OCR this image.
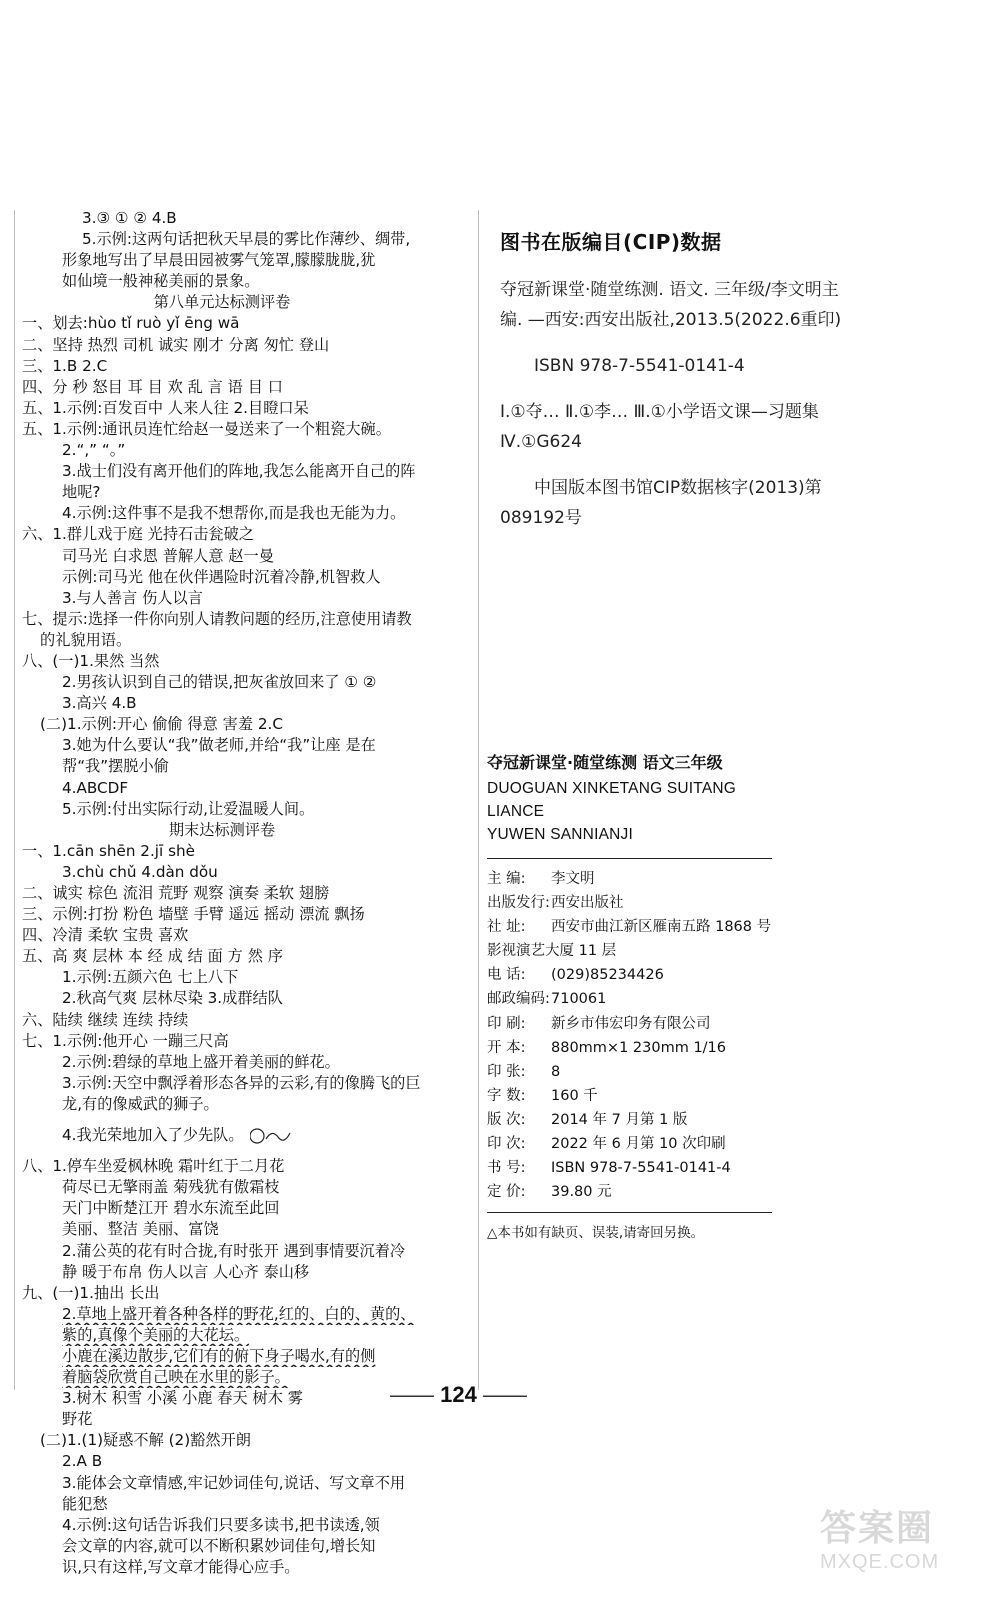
3.③ ① ② 4.B
5.示例:这两句话把秋天早晨的雾比作薄纱、绸带,
形象地写出了早晨田园被雾气笼罩,朦朦胧胧,犹
如仙境一般神秘美丽的景象。
第八单元达标测评卷
一、划去:hùo tǐ ruò yǐ ēng wā
二、坚持 热烈 司机 诚实 刚才 分离 匆忙 登山
三、1.B 2.C
四、分 秒 怒目 耳 目 欢 乱 言 语 目 口
五、1.示例:百发百中 人来人往 2.目瞪口呆
五、1.示例:通讯员连忙给赵一曼送来了一个粗瓷大碗。
2.“,” “。”
3.战士们没有离开他们的阵地,我怎么能离开自己的阵
地呢?
4.示例:这件事不是我不想帮你,而是我也无能为力。
六、1.群儿戏于庭 光持石击瓮破之
司马光 白求恩 普解人意 赵一曼
示例:司马光 他在伙伴遇险时沉着冷静,机智救人
3.与人善言 伤人以言
七、提示:选择一件你向别人请教问题的经历,注意使用请教
的礼貌用语。
八、(一)1.果然 当然
2.男孩认识到自己的错误,把灰雀放回来了 ① ②
3.高兴 4.B
(二)1.示例:开心 偷偷 得意 害羞 2.C
3.她为什么要认“我”做老师,并给“我”让座 是在
帮“我”摆脱小偷
4.ABCDF
5.示例:付出实际行动,让爱温暖人间。
期末达标测评卷
一、1.cān shēn 2.jī shè
3.chù chǔ 4.dàn dǒu
二、诚实 棕色 流泪 荒野 观察 演奏 柔软 翅膀
三、示例:打扮 粉色 墙壁 手臂 遥远 摇动 漂流 飘扬
四、冷清 柔软 宝贵 喜欢
五、高 爽 层林 本 经 成 结 面 方 然 序
1.示例:五颜六色 七上八下
2.秋高气爽 层林尽染 3.成群结队
六、陆续 继续 连续 持续
七、1.示例:他开心 一蹦三尺高
2.示例:碧绿的草地上盛开着美丽的鲜花。
3.示例:天空中飘浮着形态各异的云彩,有的像腾飞的巨
龙,有的像威武的狮子。
4.我光荣地加入了少先队。
八、1.停车坐爱枫林晚 霜叶红于二月花
荷尽已无擎雨盖 菊残犹有傲霜枝
天门中断楚江开 碧水东流至此回
美丽、整洁 美丽、富饶
2.蒲公英的花有时合拢,有时张开 遇到事情要沉着冷
静 暖于布帛 伤人以言 人心齐 泰山移
九、(一)1.抽出 长出
2.草地上盛开着各种各样的野花,红的、白的、黄的、
紫的,真像个美丽的大花坛。
小鹿在溪边散步,它们有的俯下身子喝水,有的侧
着脑袋欣赏自己映在水里的影子。
3.树木 积雪 小溪 小鹿 春天 树木 雾
野花
(二)1.(1)疑惑不解 (2)豁然开朗
2.A B
3.能体会文章情感,牢记妙词佳句,说话、写文章不用
能犯愁
4.示例:这句话告诉我们只要多读书,把书读透,领
会文章的内容,就可以不断积累妙词佳句,增长知
识,只有这样,写文章才能得心应手。
图书在版编目(CIP)数据

夺冠新课堂·随堂练测. 语文. 三年级/李文明主编. —西安:西安出版社,2013.5(2022.6重印)

ISBN 978-7-5541-0141-4

Ⅰ.①夺… Ⅱ.①李… Ⅲ.①小学语文课—习题集Ⅳ.①G624

中国版本图书馆CIP数据核字(2013)第089192号

夺冠新课堂·随堂练测 语文三年级
DUOGUAN XINKETANG SUITANG LIANCE
YUWEN SANNIANJI
主 编: 李文明
出版发行:西安出版社
社 址: 西安市曲江新区雁南五路 1868 号
影视演艺大厦 11 层
电 话: (029)85234426
邮政编码:710061
印 刷: 新乡市伟宏印务有限公司
开 本: 880mm×1 230mm 1/16
印 张: 8
字 数: 160 千
版 次: 2014 年 7 月第 1 版
印 次: 2022 年 6 月第 10 次印刷
书 号: ISBN 978-7-5541-0141-4
定 价: 39.80 元
△本书如有缺页、误装,请寄回另换。
—— 124 ——
答案圈
MXQE.COM
